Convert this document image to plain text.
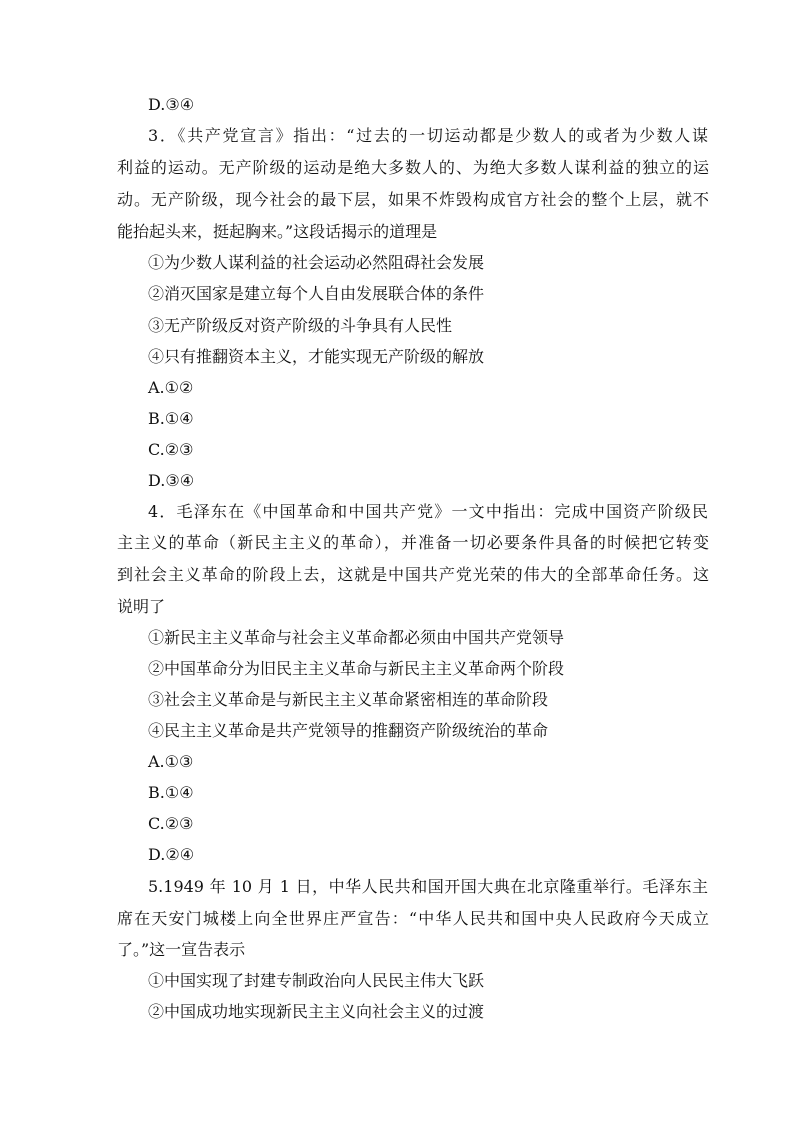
D.③④
3．《共产党宣言》指出：“过去的一切运动都是少数人的或者为少数人谋
利益的运动。无产阶级的运动是绝大多数人的、为绝大多数人谋利益的独立的运
动。无产阶级，现今社会的最下层，如果不炸毁构成官方社会的整个上层，就不
能抬起头来，挺起胸来。”这段话揭示的道理是
①为少数人谋利益的社会运动必然阻碍社会发展
②消灭国家是建立每个人自由发展联合体的条件
③无产阶级反对资产阶级的斗争具有人民性
④只有推翻资本主义，才能实现无产阶级的解放
A.①②
B.①④
C.②③
D.③④
4．毛泽东在《中国革命和中国共产党》一文中指出：完成中国资产阶级民
主主义的革命（新民主主义的革命），并准备一切必要条件具备的时候把它转变
到社会主义革命的阶段上去，这就是中国共产党光荣的伟大的全部革命任务。这
说明了
①新民主主义革命与社会主义革命都必须由中国共产党领导
②中国革命分为旧民主主义革命与新民主主义革命两个阶段
③社会主义革命是与新民主主义革命紧密相连的革命阶段
④民主主义革命是共产党领导的推翻资产阶级统治的革命
A.①③
B.①④
C.②③
D.②④
5.1949 年 10 月 1 日，中华人民共和国开国大典在北京隆重举行。毛泽东主
席在天安门城楼上向全世界庄严宣告：“中华人民共和国中央人民政府今天成立
了。”这一宣告表示
①中国实现了封建专制政治向人民民主伟大飞跃
②中国成功地实现新民主主义向社会主义的过渡
